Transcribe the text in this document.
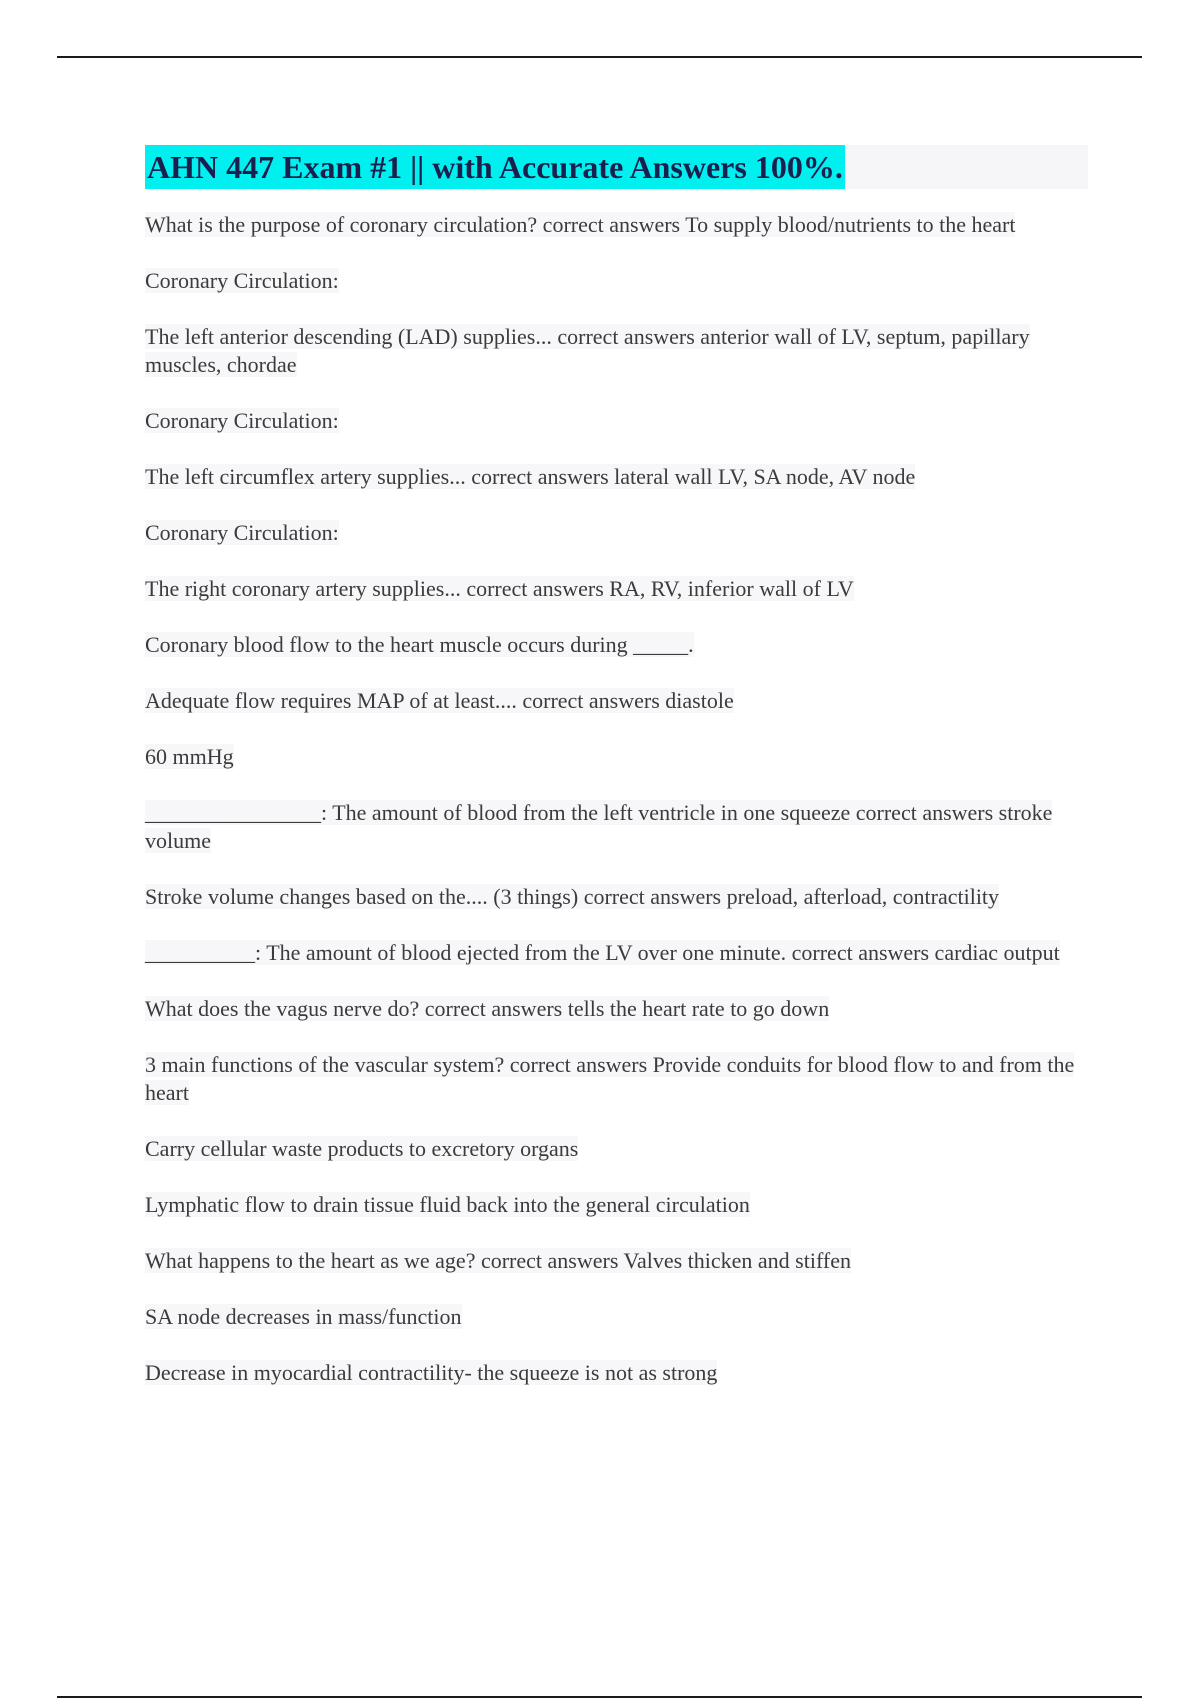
AHN 447 Exam #1 || with Accurate Answers 100%.

What is the purpose of coronary circulation? correct answers To supply blood/nutrients to the heart

Coronary Circulation:

The left anterior descending (LAD) supplies... correct answers anterior wall of LV, septum, papillary muscles, chordae

Coronary Circulation:

The left circumflex artery supplies... correct answers lateral wall LV, SA node, AV node

Coronary Circulation:

The right coronary artery supplies... correct answers RA, RV, inferior wall of LV

Coronary blood flow to the heart muscle occurs during _____.

Adequate flow requires MAP of at least.... correct answers diastole

60 mmHg

________________: The amount of blood from the left ventricle in one squeeze correct answers stroke volume

Stroke volume changes based on the.... (3 things) correct answers preload, afterload, contractility

__________: The amount of blood ejected from the LV over one minute. correct answers cardiac output

What does the vagus nerve do? correct answers tells the heart rate to go down

3 main functions of the vascular system? correct answers Provide conduits for blood flow to and from the heart

Carry cellular waste products to excretory organs

Lymphatic flow to drain tissue fluid back into the general circulation

What happens to the heart as we age? correct answers Valves thicken and stiffen

SA node decreases in mass/function

Decrease in myocardial contractility- the squeeze is not as strong
